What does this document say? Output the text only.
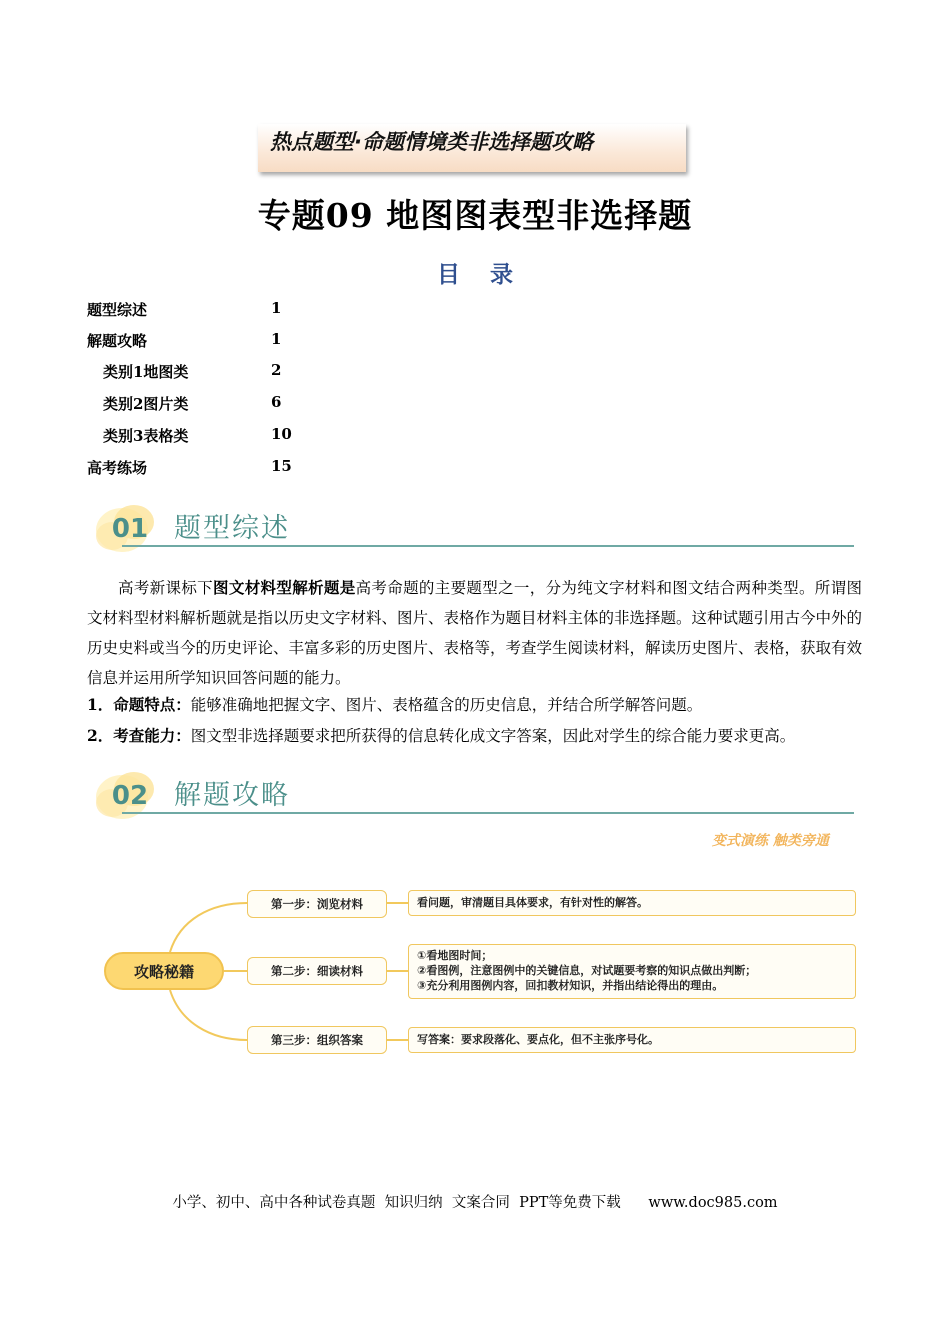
热点题型·命题情境类非选择题攻略
专题09 地图图表型非选择题
目录
题型综述	1
解题攻略	1
类别1地图类	2
类别2图片类	6
类别3表格类	10
高考练场	15
01 题型综述
高考新课标下图文材料型解析题是高考命题的主要题型之一，分为纯文字材料和图文结合两种类型。所谓图文材料型材料解析题就是指以历史文字材料、图片、表格作为题目材料主体的非选择题。这种试题引用古今中外的历史史料或当今的历史评论、丰富多彩的历史图片、表格等，考查学生阅读材料，解读历史图片、表格，获取有效信息并运用所学知识回答问题的能力。
1．命题特点：能够准确地把握文字、图片、表格蕴含的历史信息，并结合所学解答问题。
2．考查能力：图文型非选择题要求把所获得的信息转化成文字答案，因此对学生的综合能力要求更高。
02 解题攻略
变式演练 触类旁通
攻略秘籍
第一步：浏览材料
第二步：细读材料
第三步：组织答案
看问题，审清题目具体要求，有针对性的解答。
①看地图时间；
②看图例，注意图例中的关键信息，对试题要考察的知识点做出判断；
③充分利用图例内容，回扣教材知识，并指出结论得出的理由。
写答案：要求段落化、要点化，但不主张序号化。
小学、初中、高中各种试卷真题  知识归纳  文案合同  PPT等免费下载      www.doc985.com
